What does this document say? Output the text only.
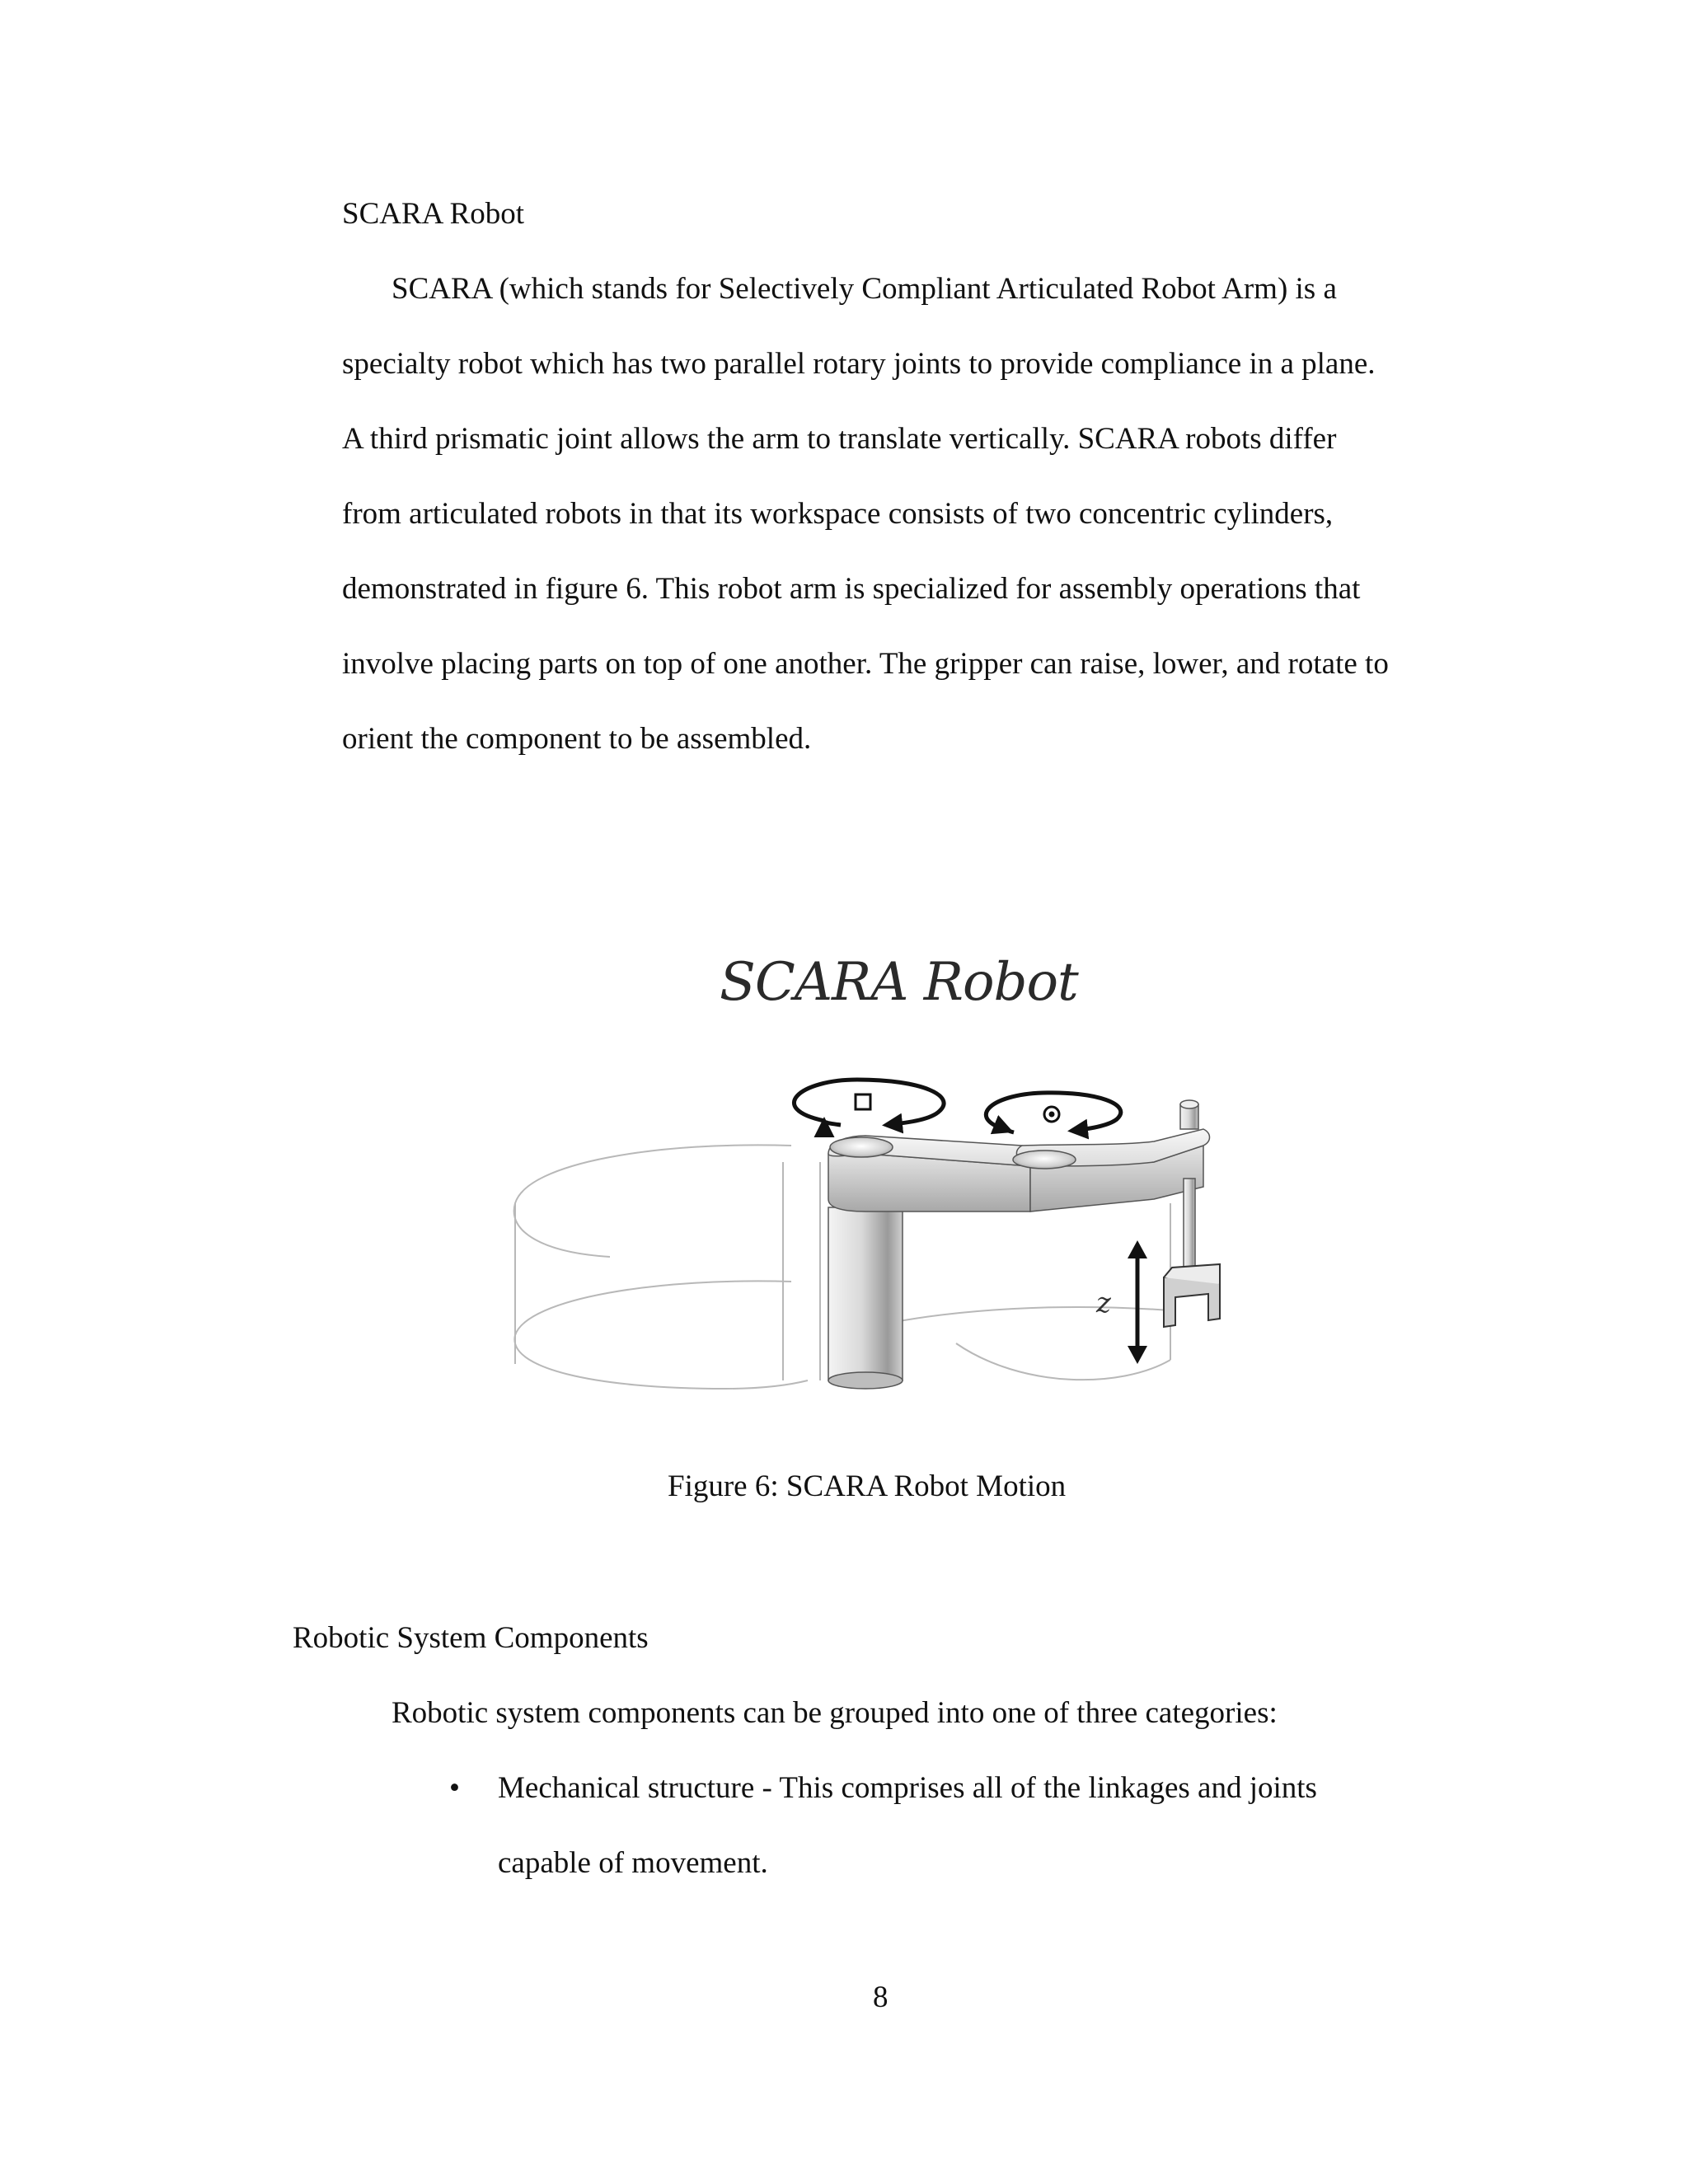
SCARA Robot
SCARA (which stands for Selectively Compliant Articulated Robot Arm) is a
specialty robot which has two parallel rotary joints to provide compliance in a plane.
A third prismatic joint allows the arm to translate vertically. SCARA robots differ
from articulated robots in that its workspace consists of two concentric cylinders,
demonstrated in figure 6. This robot arm is specialized for assembly operations that
involve placing parts on top of one another. The gripper can raise, lower, and rotate to
orient the component to be assembled.
SCARA Robot
z
Figure 6: SCARA Robot Motion
Robotic System Components
Robotic system components can be grouped into one of three categories:
• Mechanical structure - This comprises all of the linkages and joints
capable of movement.
8
